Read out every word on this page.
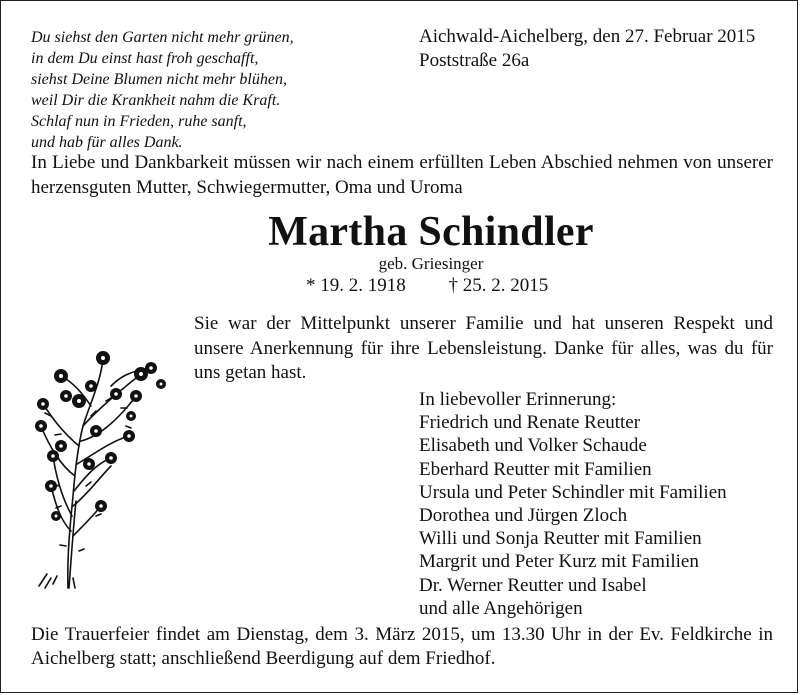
Du siehst den Garten nicht mehr grünen,
in dem Du einst hast froh geschafft,
siehst Deine Blumen nicht mehr blühen,
weil Dir die Krankheit nahm die Kraft.
Schlaf nun in Frieden, ruhe sanft,
und hab für alles Dank.
Aichwald-Aichelberg, den 27. Februar 2015
Poststraße 26a
In Liebe und Dankbarkeit müssen wir nach einem erfüllten Leben Abschied nehmen von unserer herzensguten Mutter, Schwiegermutter, Oma und Uroma
Martha Schindler
geb. Griesinger
* 19. 2. 1918 † 25. 2. 2015
Sie war der Mittelpunkt unserer Familie und hat unseren Respekt und unsere Anerkennung für ihre Lebensleistung. Danke für alles, was du für uns getan hast.
In liebevoller Erinnerung:
Friedrich und Renate Reutter
Elisabeth und Volker Schaude
Eberhard Reutter mit Familien
Ursula und Peter Schindler mit Familien
Dorothea und Jürgen Zloch
Willi und Sonja Reutter mit Familien
Margrit und Peter Kurz mit Familien
Dr. Werner Reutter und Isabel
und alle Angehörigen
Die Trauerfeier findet am Dienstag, dem 3. März 2015, um 13.30 Uhr in der Ev. Feldkirche in Aichelberg statt; anschließend Beerdigung auf dem Friedhof.
